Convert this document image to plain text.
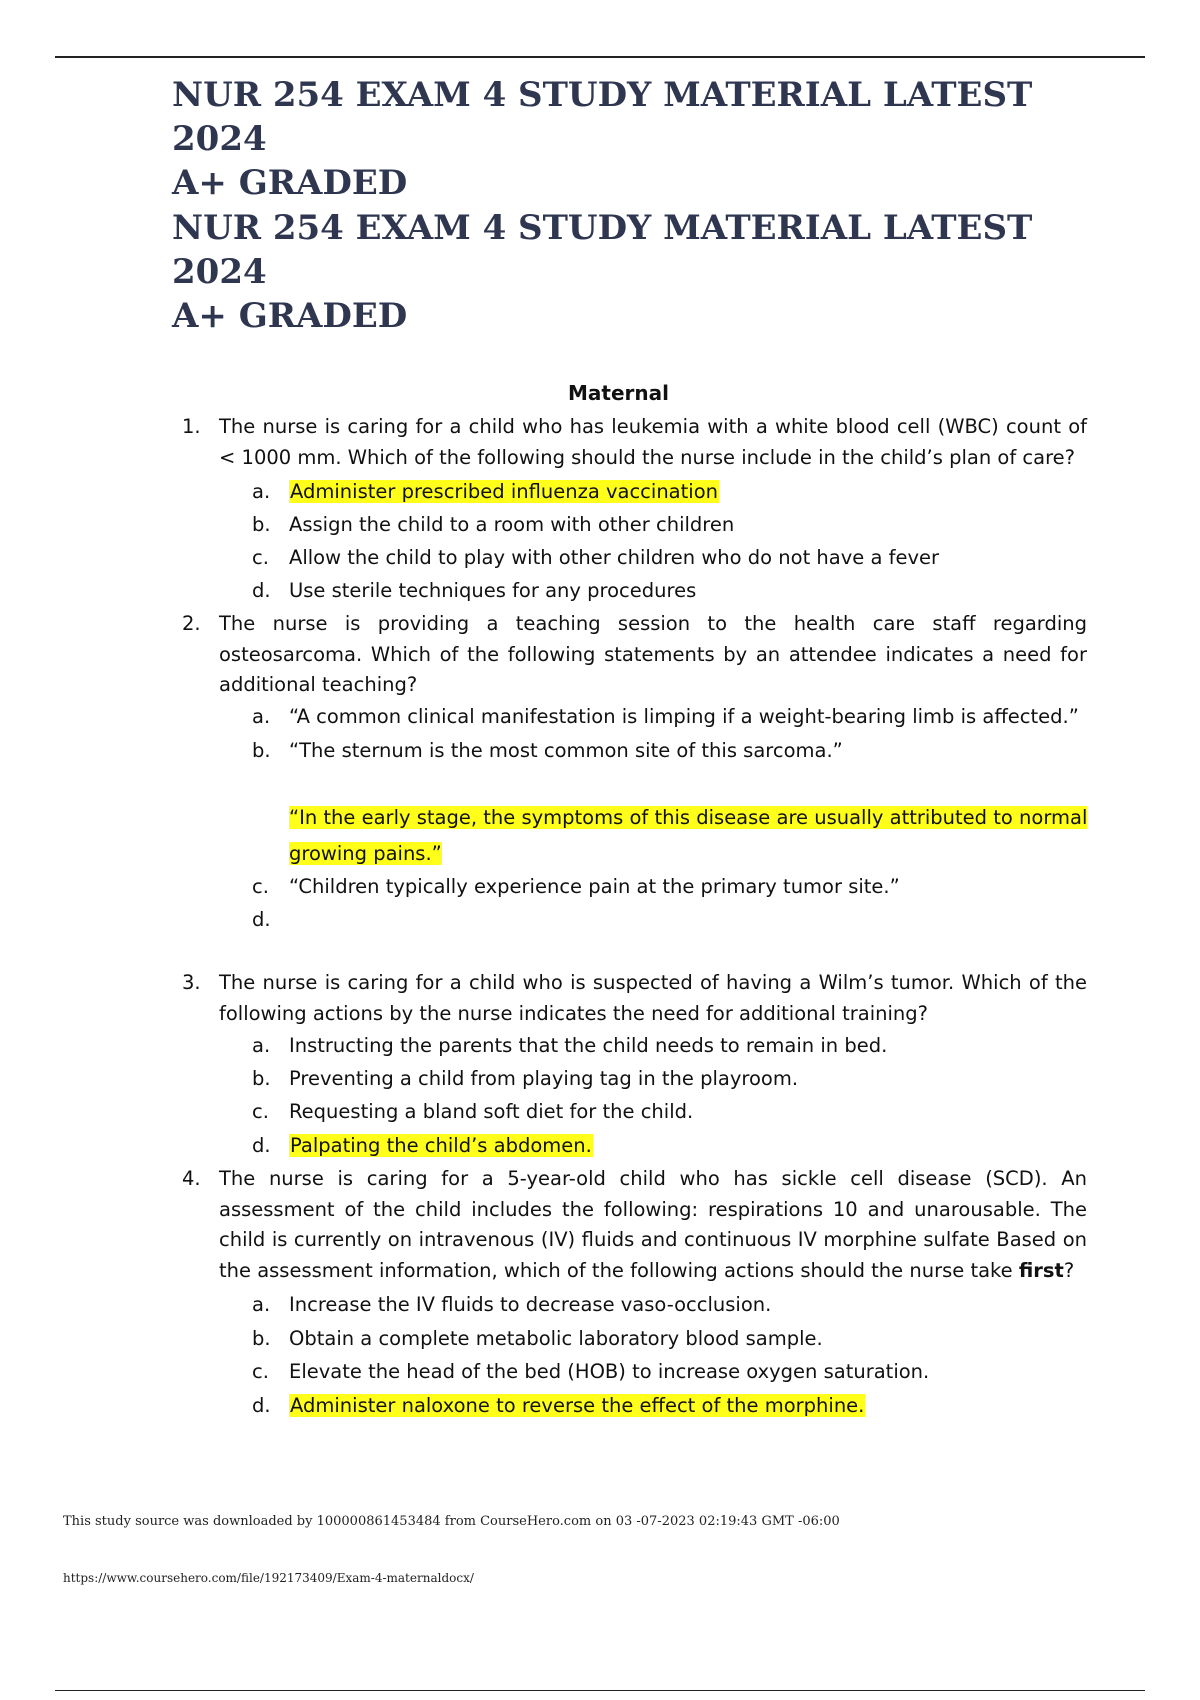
NUR 254 EXAM 4 STUDY MATERIAL LATEST 2024
A+ GRADED
NUR 254 EXAM 4 STUDY MATERIAL LATEST 2024
A+ GRADED
Maternal
1. The nurse is caring for a child who has leukemia with a white blood cell (WBC) count of < 1000 mm. Which of the following should the nurse include in the child’s plan of care?
a. Administer prescribed influenza vaccination
b. Assign the child to a room with other children
c. Allow the child to play with other children who do not have a fever
d. Use sterile techniques for any procedures
2. The nurse is providing a teaching session to the health care staff regarding osteosarcoma. Which of the following statements by an attendee indicates a need for additional teaching?
a. “A common clinical manifestation is limping if a weight-bearing limb is affected.”
b. “The sternum is the most common site of this sarcoma.”
“In the early stage, the symptoms of this disease are usually attributed to normal growing pains.”
c. “Children typically experience pain at the primary tumor site.”
d.
3. The nurse is caring for a child who is suspected of having a Wilm’s tumor. Which of the following actions by the nurse indicates the need for additional training?
a. Instructing the parents that the child needs to remain in bed.
b. Preventing a child from playing tag in the playroom.
c. Requesting a bland soft diet for the child.
d. Palpating the child’s abdomen.
4. The nurse is caring for a 5-year-old child who has sickle cell disease (SCD). An assessment of the child includes the following: respirations 10 and unarousable. The child is currently on intravenous (IV) fluids and continuous IV morphine sulfate Based on the assessment information, which of the following actions should the nurse take first?
a. Increase the IV fluids to decrease vaso-occlusion.
b. Obtain a complete metabolic laboratory blood sample.
c. Elevate the head of the bed (HOB) to increase oxygen saturation.
d. Administer naloxone to reverse the effect of the morphine.
This study source was downloaded by 100000861453484 from CourseHero.com on 03 -07-2023 02:19:43 GMT -06:00
https://www.coursehero.com/file/192173409/Exam-4-maternaldocx/
